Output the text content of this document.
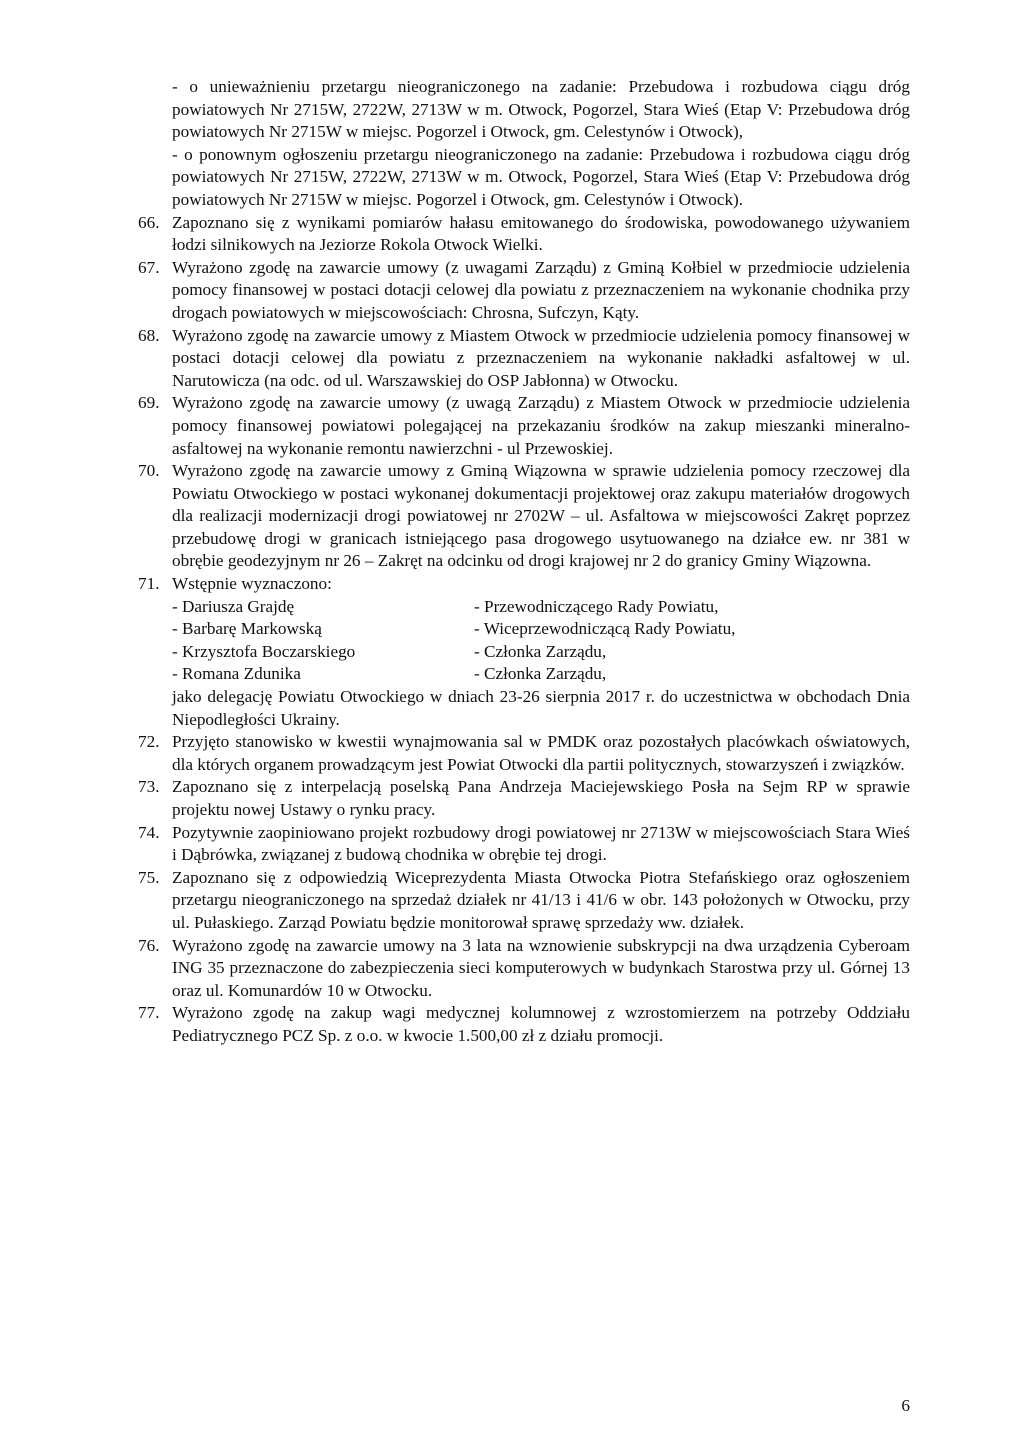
- o unieważnieniu przetargu nieograniczonego na zadanie: Przebudowa i rozbudowa ciągu dróg powiatowych Nr 2715W, 2722W, 2713W w m. Otwock, Pogorzel, Stara Wieś (Etap V: Przebudowa dróg powiatowych Nr 2715W w miejsc. Pogorzel i Otwock, gm. Celestynów i Otwock),

- o ponownym ogłoszeniu przetargu nieograniczonego na zadanie: Przebudowa i rozbudowa ciągu dróg powiatowych Nr 2715W, 2722W, 2713W w m. Otwock, Pogorzel, Stara Wieś (Etap V: Przebudowa dróg powiatowych Nr 2715W w miejsc. Pogorzel i Otwock, gm. Celestynów i Otwock).

66. Zapoznano się z wynikami pomiarów hałasu emitowanego do środowiska, powodowanego używaniem łodzi silnikowych na Jeziorze Rokola Otwock Wielki.

67. Wyrażono zgodę na zawarcie umowy (z uwagami Zarządu) z Gminą Kołbiel w przedmiocie udzielenia pomocy finansowej w postaci dotacji celowej dla powiatu z przeznaczeniem na wykonanie chodnika przy drogach powiatowych w miejscowościach: Chrosna, Sufczyn, Kąty.

68. Wyrażono zgodę na zawarcie umowy z Miastem Otwock w przedmiocie udzielenia pomocy finansowej w postaci dotacji celowej dla powiatu z przeznaczeniem na wykonanie nakładki asfaltowej w ul. Narutowicza (na odc. od ul. Warszawskiej do OSP Jabłonna) w Otwocku.

69. Wyrażono zgodę na zawarcie umowy (z uwagą Zarządu) z Miastem Otwock w przedmiocie udzielenia pomocy finansowej powiatowi polegającej na przekazaniu środków na zakup mieszanki mineralno-asfaltowej na wykonanie remontu nawierzchni - ul Przewoskiej.

70. Wyrażono zgodę na zawarcie umowy z Gminą Wiązowna w sprawie udzielenia pomocy rzeczowej dla Powiatu Otwockiego w postaci wykonanej dokumentacji projektowej oraz zakupu materiałów drogowych dla realizacji modernizacji drogi powiatowej nr 2702W – ul. Asfaltowa w miejscowości Zakręt poprzez przebudowę drogi w granicach istniejącego pasa drogowego usytuowanego na działce ew. nr 381 w obrębie geodezyjnym nr 26 – Zakręt na odcinku od drogi krajowej nr 2 do granicy Gminy Wiązowna.

71. Wstępnie wyznaczono:

- Dariusza Grajdę	- Przewodniczącego Rady Powiatu,
- Barbarę Markowską	- Wiceprzewodniczącą Rady Powiatu,
- Krzysztofa Boczarskiego	- Członka Zarządu,
- Romana Zdunika	- Członka Zarządu,

jako delegację Powiatu Otwockiego w dniach 23-26 sierpnia 2017 r. do uczestnictwa w obchodach Dnia Niepodległości Ukrainy.

72. Przyjęto stanowisko w kwestii wynajmowania sal w PMDK oraz pozostałych placówkach oświatowych, dla których organem prowadzącym jest Powiat Otwocki dla partii politycznych, stowarzyszeń i związków.

73. Zapoznano się z interpelacją poselską Pana Andrzeja Maciejewskiego Posła na Sejm RP w sprawie projektu nowej Ustawy o rynku pracy.

74. Pozytywnie zaopiniowano projekt rozbudowy drogi powiatowej nr 2713W w miejscowościach Stara Wieś i Dąbrówka, związanej z budową chodnika w obrębie tej drogi.

75. Zapoznano się z odpowiedzią Wiceprezydenta Miasta Otwocka Piotra Stefańskiego oraz ogłoszeniem przetargu nieograniczonego na sprzedaż działek nr 41/13 i 41/6 w obr. 143 położonych w Otwocku, przy ul. Pułaskiego. Zarząd Powiatu będzie monitorował sprawę sprzedaży ww. działek.

76. Wyrażono zgodę na zawarcie umowy na 3 lata na wznowienie subskrypcji na dwa urządzenia Cyberoam ING 35 przeznaczone do zabezpieczenia sieci komputerowych w budynkach Starostwa przy ul. Górnej 13 oraz ul. Komunardów 10 w Otwocku.

77. Wyrażono zgodę na zakup wagi medycznej kolumnowej z wzrostomierzem na potrzeby Oddziału Pediatrycznego PCZ Sp. z o.o. w kwocie 1.500,00 zł z działu promocji.

6
